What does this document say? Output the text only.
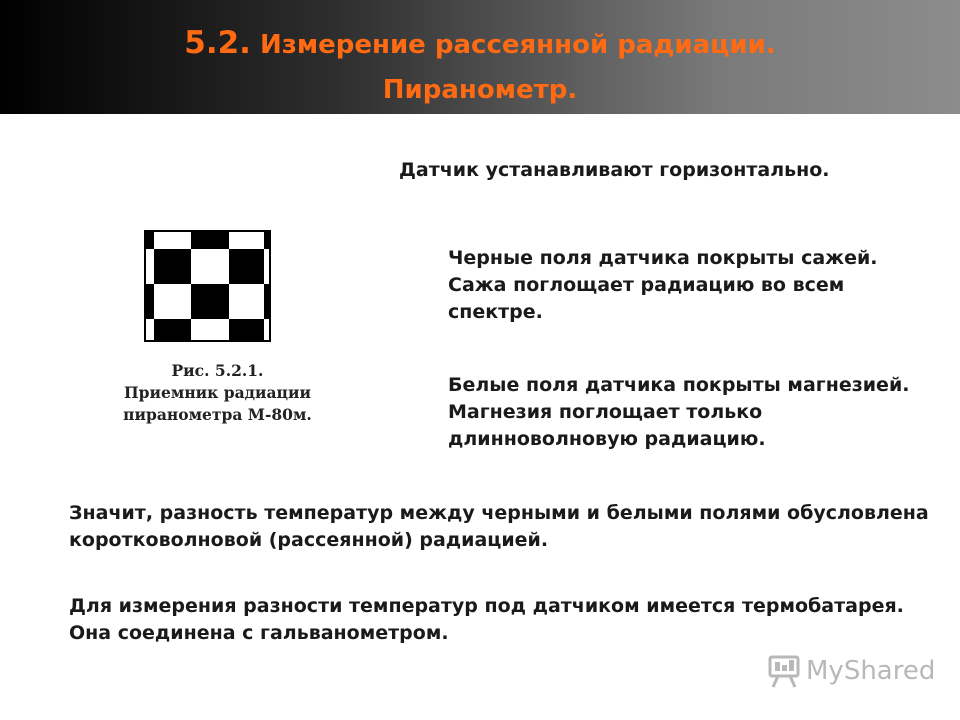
5.2. Измерение рассеянной радиации.
Пиранометр.
Датчик устанавливают горизонтально.
Рис. 5.2.1.
Приемник радиации
пиранометра М-80м.
Черные поля датчика покрыты сажей. Сажа поглощает радиацию во всем спектре.
Белые поля датчика покрыты магнезией. Магнезия поглощает только длинноволновую радиацию.
Значит, разность температур между черными и белыми полями обусловлена коротковолновой (рассеянной) радиацией.
Для измерения разности температур под датчиком имеется термобатарея. Она соединена с гальванометром.
MyShared
